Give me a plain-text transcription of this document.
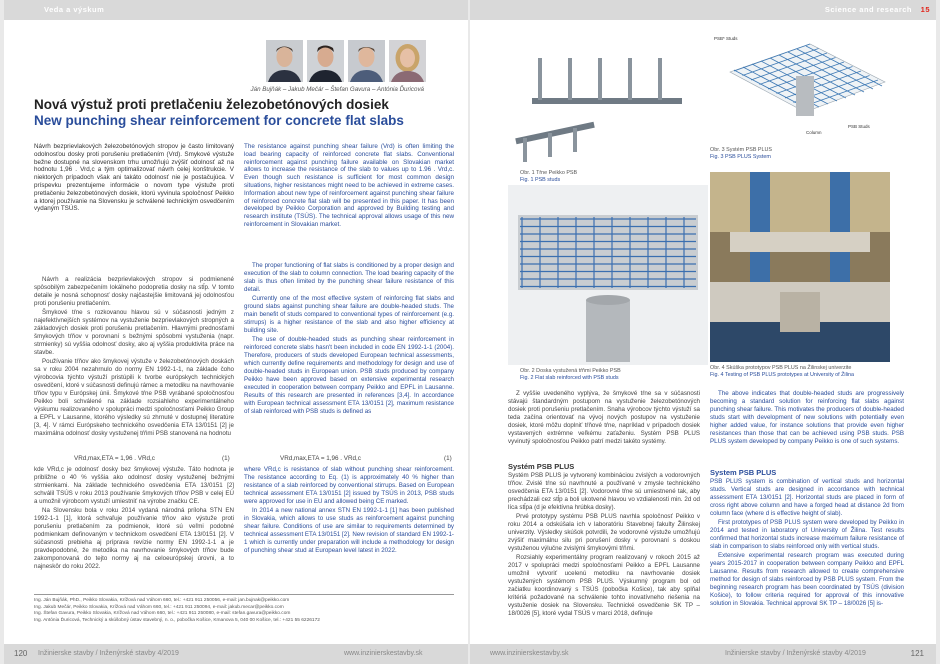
Veda a výskum
Ján Bujňák – Jakub Mečár – Štefan Gavura – Antónia Ďuricová
Nová výstuž proti pretlačeniu železobetónových dosiek
New punching shear reinforcement for concrete flat slabs
Návrh bezprievlakových železobetónových stropov je často limitovaný odolnosťou dosky proti porušeniu pretlačením (Vrd). Smykové výstuže bežne dostupné na slovenskom trhu umožňujú zvýšiť odolnosť až na hodnotu 1,96 . Vrd,c a tým optimalizovať návrh celej konštrukcie. V niektorých prípadoch však ani takáto odolnosť nie je postačujúca. V príspevku prezentujeme informácie o novom type výstuže proti pretlačeniu železobetónových dosiek, ktorú vyvinula spoločnosť Peikko a ktorej používanie na Slovensku je schválené technickým osvedčením vydaným TSÚS.
The resistance against punching shear failure (Vrd) is often limiting the load bearing capacity of reinforced concrete flat slabs. Conventional reinforcement against punching failure available on Slovakian market allows to increase the resistance of the slab to values up to 1.96 . Vrd,c. Even though such resistance is sufficient for most common design situations, higher resistances might need to be achieved in extreme cases. Information about new type of reinforcement against punching shear failure of reinforced concrete flat slab will be presented in this paper. It has been developed by Peikko Corporation and approved by Building testing and research institute (TSÚS). The technical approval allows usage of this new reinforcement in Slovakian market.

Návrh a realizácia bezprievlakových stropov si podmienené spôsobilým zabezpečením lokálneho podopretia dosky na stĺp. V tomto detaile je nosná schopnosť dosky najčastejšie limitovaná jej odolnosťou proti porušeniu pretlačením.

Šmykové tŕne s rozkovanou hlavou sú v súčasnosti jedným z najefektívnejších systémov na vystuženie bezprievlakových stropných a základových dosiek proti porušeniu pretlačením. Hlavnými prednosťami šmykových tŕňov v porovnaní s bežnými spôsobmi vystuženia (napr. strmienky) sú vyššia odolnosť dosky, ako aj vyššia produktivita práce na stavbe.

Používanie tŕňov ako šmykovej výstuže v železobetónových doskách sa v roku 2004 nezahrnulo do normy EN 1992-1-1, na základe čoho výrobcovia týchto výstuží pristúpili k tvorbe európskych technických osvedčení, ktoré v súčasnosti definujú rámec a metodiku na navrhovanie tŕňov typu v Európskej únii. Šmykové tŕne PSB vyrábané spoločnosťou Peikko boli schválené na základe rozsiahleho experimentálneho výskumu realizovaného v spolupráci medzi spoločnosťami Peikko Group a EPFL v Lausanne, ktorého výsledky sú zhrnuté v dostupnej literatúre [3, 4]. V rámci Európskeho technického osvedčenia ETA 13/0151 [2] je maximálna odolnosť dosky vystuženej tŕňmi PSB stanovená na hodnotu

VRd,max,ETA = 1,96 . VRd,c	(1)

kde VRd,c je odolnosť dosky bez šmykovej výstuže. Táto hodnota je približne o 40 % vyššia ako odolnosť dosky vystuženej bežnými strmienkami. Na základe technického osvedčenia ETA 13/0151 [2] schválil TSÚS v roku 2013 používanie šmykových tŕňov PSB v celej EÚ a umožnil výrobcom vystuží umiestniť na výrobe značku CE.

Na Slovensku bola v roku 2014 vydaná národná príloha STN EN 1992-1-1 [1], ktorá schvaľuje používanie tŕňov ako výstuže proti porušeniu pretlačením za podmienok, ktoré sú veľmi podobné podmienkam definovaným v technickom osvedčení ETA 13/0151 [2]. V súčasnosti prebieha aj príprava revízie normy EN 1992-1-1 a je pravdepodobné, že metodika na navrhovanie šmykových tŕňov bude zakomponovaná do tejto normy aj na celoeurópskej úrovni, a to najneskôr do roku 2022.

The proper functioning of flat slabs is conditioned by a proper design and execution of the slab to column connection. The load bearing capacity of the slab is thus often limited by the punching shear failure resistance of this detail.

Currently one of the most effective system of reinforcing flat slabs and ground slabs against punching shear failure are double-headed studs. The main benefit of studs compared to conventional types of reinforcement (e.g. stirrups) is a higher resistance of the slab and also higher efficiency at building site.

The use of double-headed studs as punching shear reinforcement in reinforced concrete slabs hasn't been included in code EN 1992-1-1 (2004). Therefore, producers of studs developed European technical assessments, which currently define requirements and methodology for design and use of double-headed studs in European union. PSB studs produced by company Peikko have been approved based on extensive experimental research executed in cooperation between company Peikko and EPFL in Lausanne. Results of this research are presented in references [3,4]. In accordance with European technical assessment ETA 13/0151 [2], maximum resistance of slab reinforced with PSB studs is defined as

VRd,max,ETA = 1,96 . VRd,c	(1)

where VRd,c is resistance of slab without punching shear reinforcement. The resistance according to Eq. (1) is approximately 40 % higher than resistance of a slab reinforced by conventional stirrups. Based on European technical assessment ETA 13/0151 [2] issued by TSÚS in 2013, PSB studs were approved for use in EU and allowed being CE marked.

In 2014 a new national annex STN EN 1992-1-1 [1] has been published in Slovakia, which allows to use studs as reinforcement against punching shear failure. Conditions of use are similar to requirements determined by technical assessment ETA 13/0151 [2]. New revision of standard EN 1992-1-1 which is currently under preparation will include a methodology for design of punching shear stud at European level latest in 2022.

Ing. Ján Bujňák, PhD., Peikko Slovakia, Krížová nad Váhom 660, tel.: +421 911 250056, e-mail: jan.bujnak@peikko.com
Ing. Jakub Mečár, Peikko Slovakia, Krížová nad Váhom 660, tel.: +421 911 250094, e-mail: jakub.mecar@peikko.com
Ing. Štefan Gavura, Peikko Slovakia, Krížová nad Váhom 660, tel.: +421 911 250080, e-mail: stefan.gavura@peikko.com
Ing. Antónia Ďuricová, Technický a skúšobný ústav stavebný, n. o., pobočka Košice, Kmanova 5, 040 00 Košice, tel.: +421 55 6226172
120 Inžinierske stavby / Inženýrské stavby 4/2019	www.inzinierskestavby.sk
Science and research 15
Obr. 1 Tŕne Peikko PSB
Fig. 1 PSB studs
Obr. 2 Doska vystužená tŕňmi Peikko PSB
Fig. 2 Flat slab reinforced with PSB studs
PSB* Studs
Column
PSB Studs
Obr. 3 Systém PSB PLUS
Fig. 3 PSB PLUS System
Obr. 4 Skúška prototypov PSB PLUS na Žilinskej univerzite
Fig. 4 Testing of PSB PLUS prototypes at University of Žilina

Z vyššie uvedeného vyplýva, že šmykové tŕne sa v súčasnosti stávajú štandardným postupom na vystuženie železobetónových dosiek proti porušeniu pretlačením. Snaha výrobcov týchto výstuží sa teda začína orientovať na vývoj nových postupov na vystuženie dosiek, ktoré môžu doplniť tŕňové tŕne, napríklad v prípadoch dosiek vystavených extrémne veľkému zaťaženiu. Systém PSB PLUS vyvinutý spoločnosťou Peikko patrí medzi takéto systémy.

Systém PSB PLUS

Systém PSB PLUS je vytvorený kombináciou zvislých a vodorovných tŕňov. Zvislé tŕne sú navrhnuté a používané v zmysle technického osvedčenia ETA 13/0151 [2]. Vodorovné tŕne sú umiestnené tak, aby prechádzali cez stĺp a boli ukotvené hlavou vo vzdialenosti min. 2d od líca stĺpa (d je efektívna hrúbka dosky).

Prvé prototypy systému PSB PLUS navrhla spoločnosť Peikko v roku 2014 a odskúšala ich v laboratóriu Stavebnej fakulty Žilinskej univerzity. Výsledky skúšok potvrdili, že vodorovné výstuže umožňujú zvýšiť maximálnu silu pri porušení dosky v porovnaní s doskou vystuženou výlučne zvislými šmykovými tŕňmi.

Rozsiahly experimentálny program realizovaný v rokoch 2015 až 2017 v spolupráci medzi spoločnosťami Peikko a EPFL Lausanne umožnil vytvoriť ucelenú metodiku na navrhovanie dosiek vystužených systémom PSB PLUS. Výskumný program bol od začiatku koordinovaný s TSÚS (pobočka Košice), tak aby splňal kritériá požadované na schválenie tohto inovatívneho riešenia na vystuženie dosiek na Slovensku. Technické osvedčenie SK TP – 18/0026 [5], ktoré vydal TSÚS v marci 2018, definuje

The above indicates that double-headed studs are progressively becoming a standard solution for reinforcing flat slabs against punching shear failure. This motivates the producers of double-headed studs start with development of new solutions with potentially even higher added value, for instance solutions that provide even higher resistances than those that can be achieved using PSB studs. PSB PLUS system developed by company Peikko is one of such systems.

System PSB PLUS

PSB PLUS system is combination of vertical studs and horizontal studs. Vertical studs are designed in accordance with technical assessment ETA 13/0151 [2]. Horizontal studs are placed in form of cross right above column and have a forged head at distance 2d from column face (where d is effective height of slab).

First prototypes of PSB PLUS system were developed by Peikko in 2014 and tested in laboratory of University of Žilina. Test results confirmed that horizontal studs increase maximum failure resistance of slab in comparison to slabs reinforced only with vertical studs.

Extensive experimental research program was executed during years 2015-2017 in cooperation between company Peikko and EPFL Lausanne. Results from research allowed to create comprehensive method for design of slabs reinforced by PSB PLUS system. From the beginning research program has been coordinated by TSÚS (division Košice), to follow criteria required for approval of this innovative solution in Slovakia. Technical approval SK TP – 18/0026 [5] is-

www.inzinierskestavby.sk	Inžinierske stavby / Inženýrské stavby 4/2019	121
